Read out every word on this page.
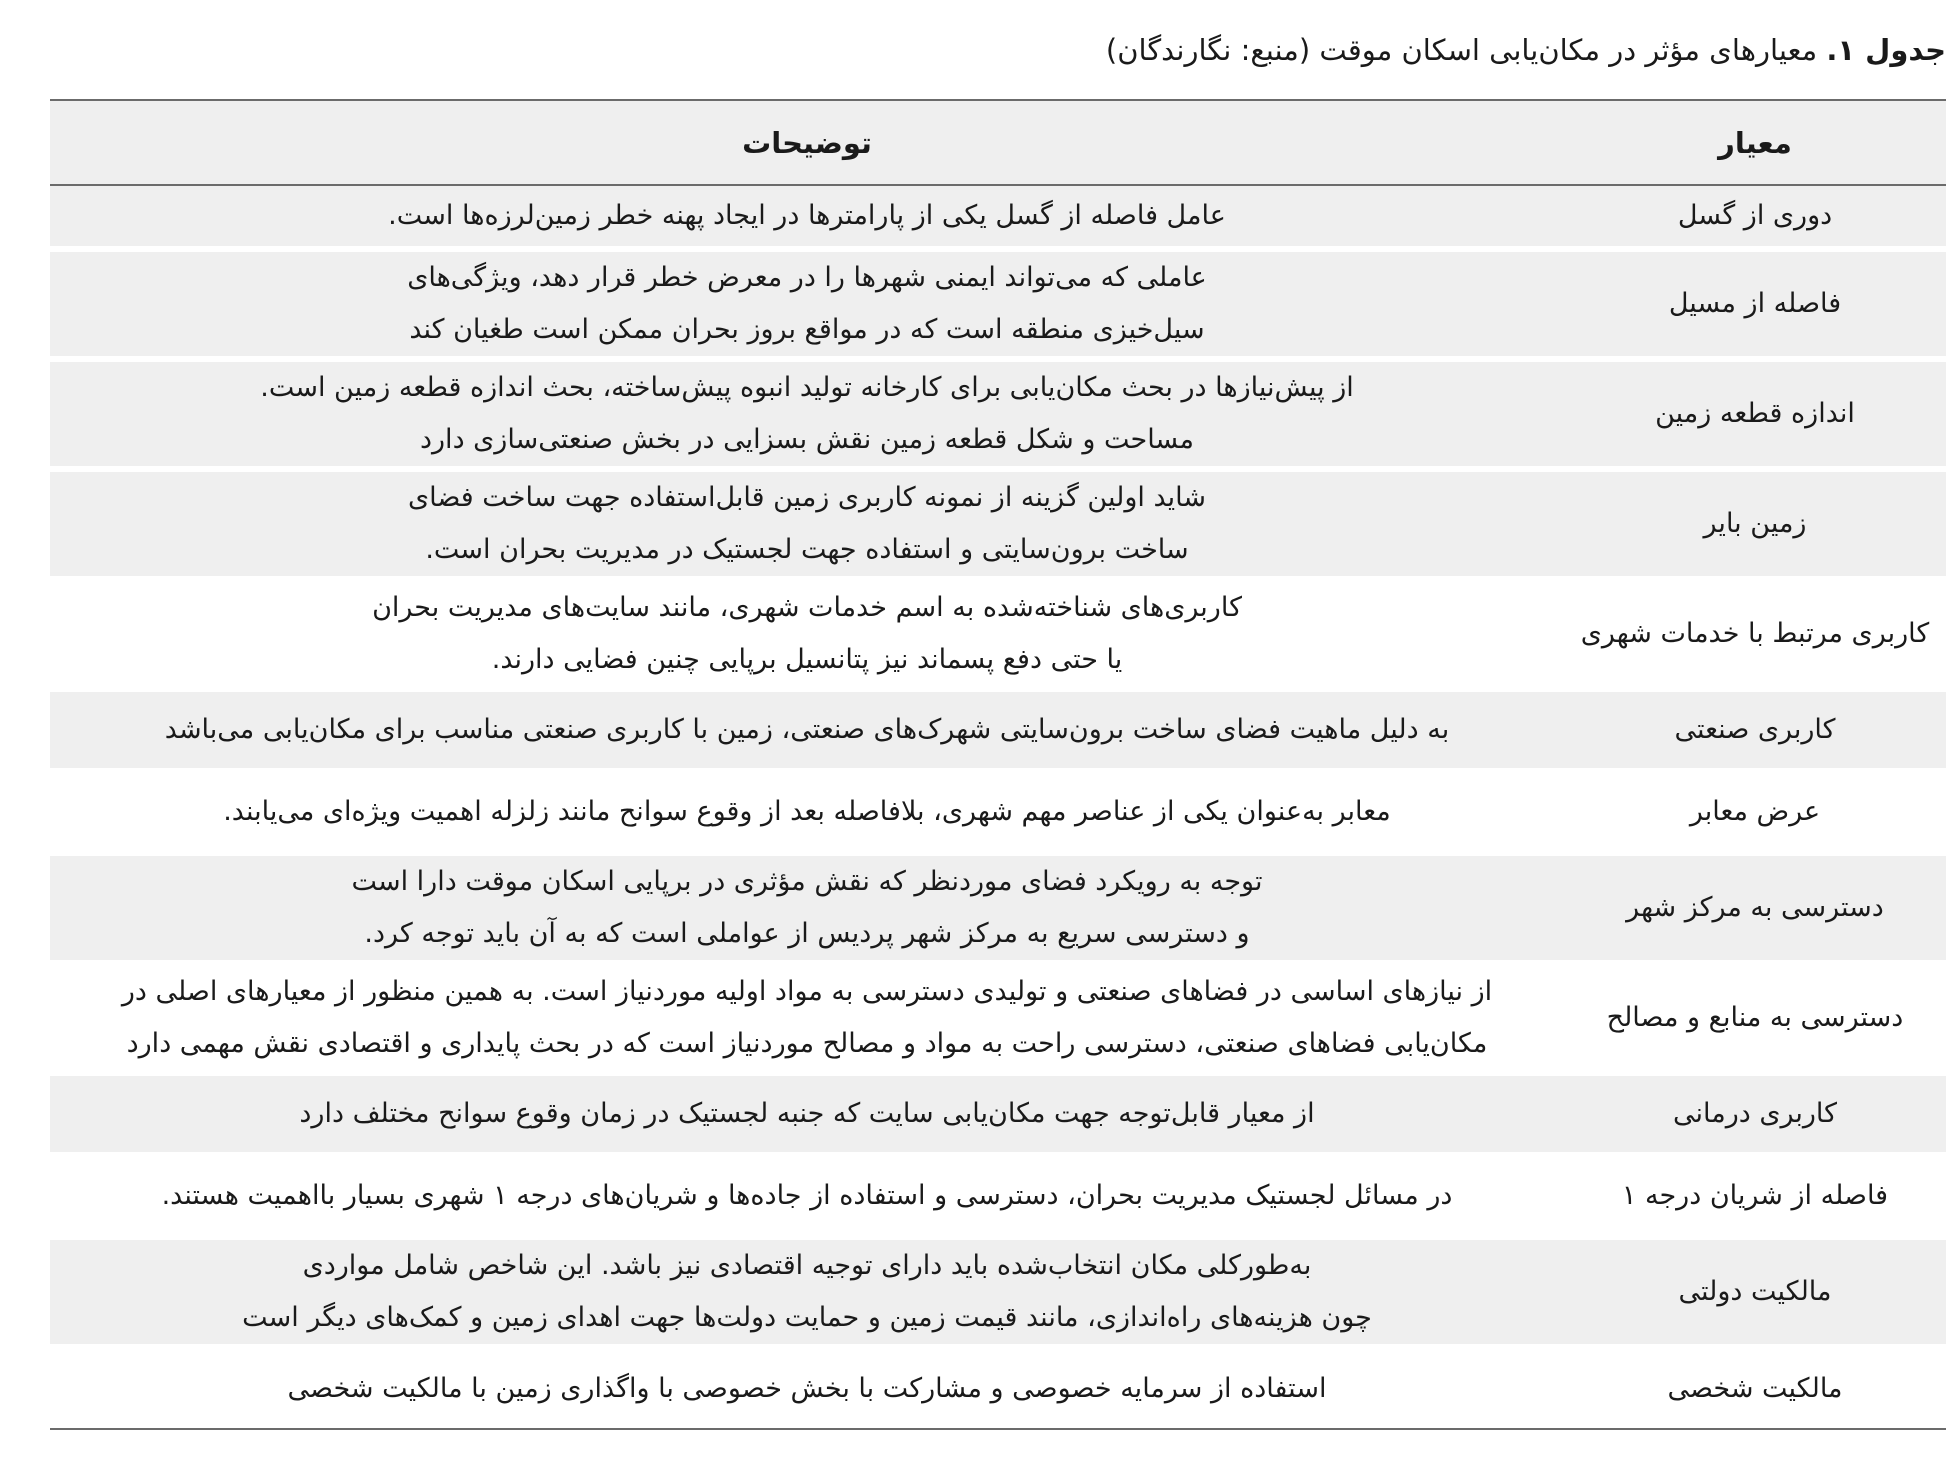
جدول ۱. معیارهای مؤثر در مکان‌یابی اسکان موقت (منبع: نگارندگان)
معیار	توضیحات
دوری از گسل	عامل فاصله از گسل یکی از پارامترها در ایجاد پهنه خطر زمین‌لرزه‌ها است.

فاصله از مسیل	عاملی که می‌تواند ایمنی شهرها را در معرض خطر قرار دهد، ویژگی‌های
سیل‌خیزی منطقه است که در مواقع بروز بحران ممکن است طغیان کند

اندازه قطعه زمین	از پیش‌نیازها در بحث مکان‌یابی برای کارخانه تولید انبوه پیش‌ساخته، بحث اندازه قطعه زمین است.
مساحت و شکل قطعه زمین نقش بسزایی در بخش صنعتی‌سازی دارد

زمین بایر	شاید اولین گزینه از نمونه کاربری زمین قابل‌استفاده جهت ساخت فضای
ساخت برون‌سایتی و استفاده جهت لجستیک در مدیریت بحران است.

کاربری مرتبط با خدمات شهری	کاربری‌های شناخته‌شده به اسم خدمات شهری، مانند سایت‌های مدیریت بحران
یا حتی دفع پسماند نیز پتانسیل برپایی چنین فضایی دارند.

کاربری صنعتی	به دلیل ماهیت فضای ساخت برون‌سایتی شهرک‌های صنعتی، زمین با کاربری صنعتی مناسب برای مکان‌یابی می‌باشد

عرض معابر	معابر به‌عنوان یکی از عناصر مهم شهری، بلافاصله بعد از وقوع سوانح مانند زلزله اهمیت ویژه‌ای می‌یابند.

دسترسی به مرکز شهر	توجه به رویکرد فضای موردنظر که نقش مؤثری در برپایی اسکان موقت دارا است
و دسترسی سریع به مرکز شهر پردیس از عواملی است که به آن باید توجه کرد.

دسترسی به منابع و مصالح	از نیازهای اساسی در فضاهای صنعتی و تولیدی دسترسی به مواد اولیه موردنیاز است. به همین منظور از معیارهای اصلی در
مکان‌یابی فضاهای صنعتی، دسترسی راحت به مواد و مصالح موردنیاز است که در بحث پایداری و اقتصادی نقش مهمی دارد

کاربری درمانی	از معیار قابل‌توجه جهت مکان‌یابی سایت که جنبه لجستیک در زمان وقوع سوانح مختلف دارد

فاصله از شریان درجه ۱	در مسائل لجستیک مدیریت بحران، دسترسی و استفاده از جاده‌ها و شریان‌های درجه ۱ شهری بسیار بااهمیت هستند.

مالکیت دولتی	به‌طورکلی مکان انتخاب‌شده باید دارای توجیه اقتصادی نیز باشد. این شاخص شامل مواردی
چون هزینه‌های راه‌اندازی، مانند قیمت زمین و حمایت دولت‌ها جهت اهدای زمین و کمک‌های دیگر است

مالکیت شخصی	استفاده از سرمایه خصوصی و مشارکت با بخش خصوصی با واگذاری زمین با مالکیت شخصی
